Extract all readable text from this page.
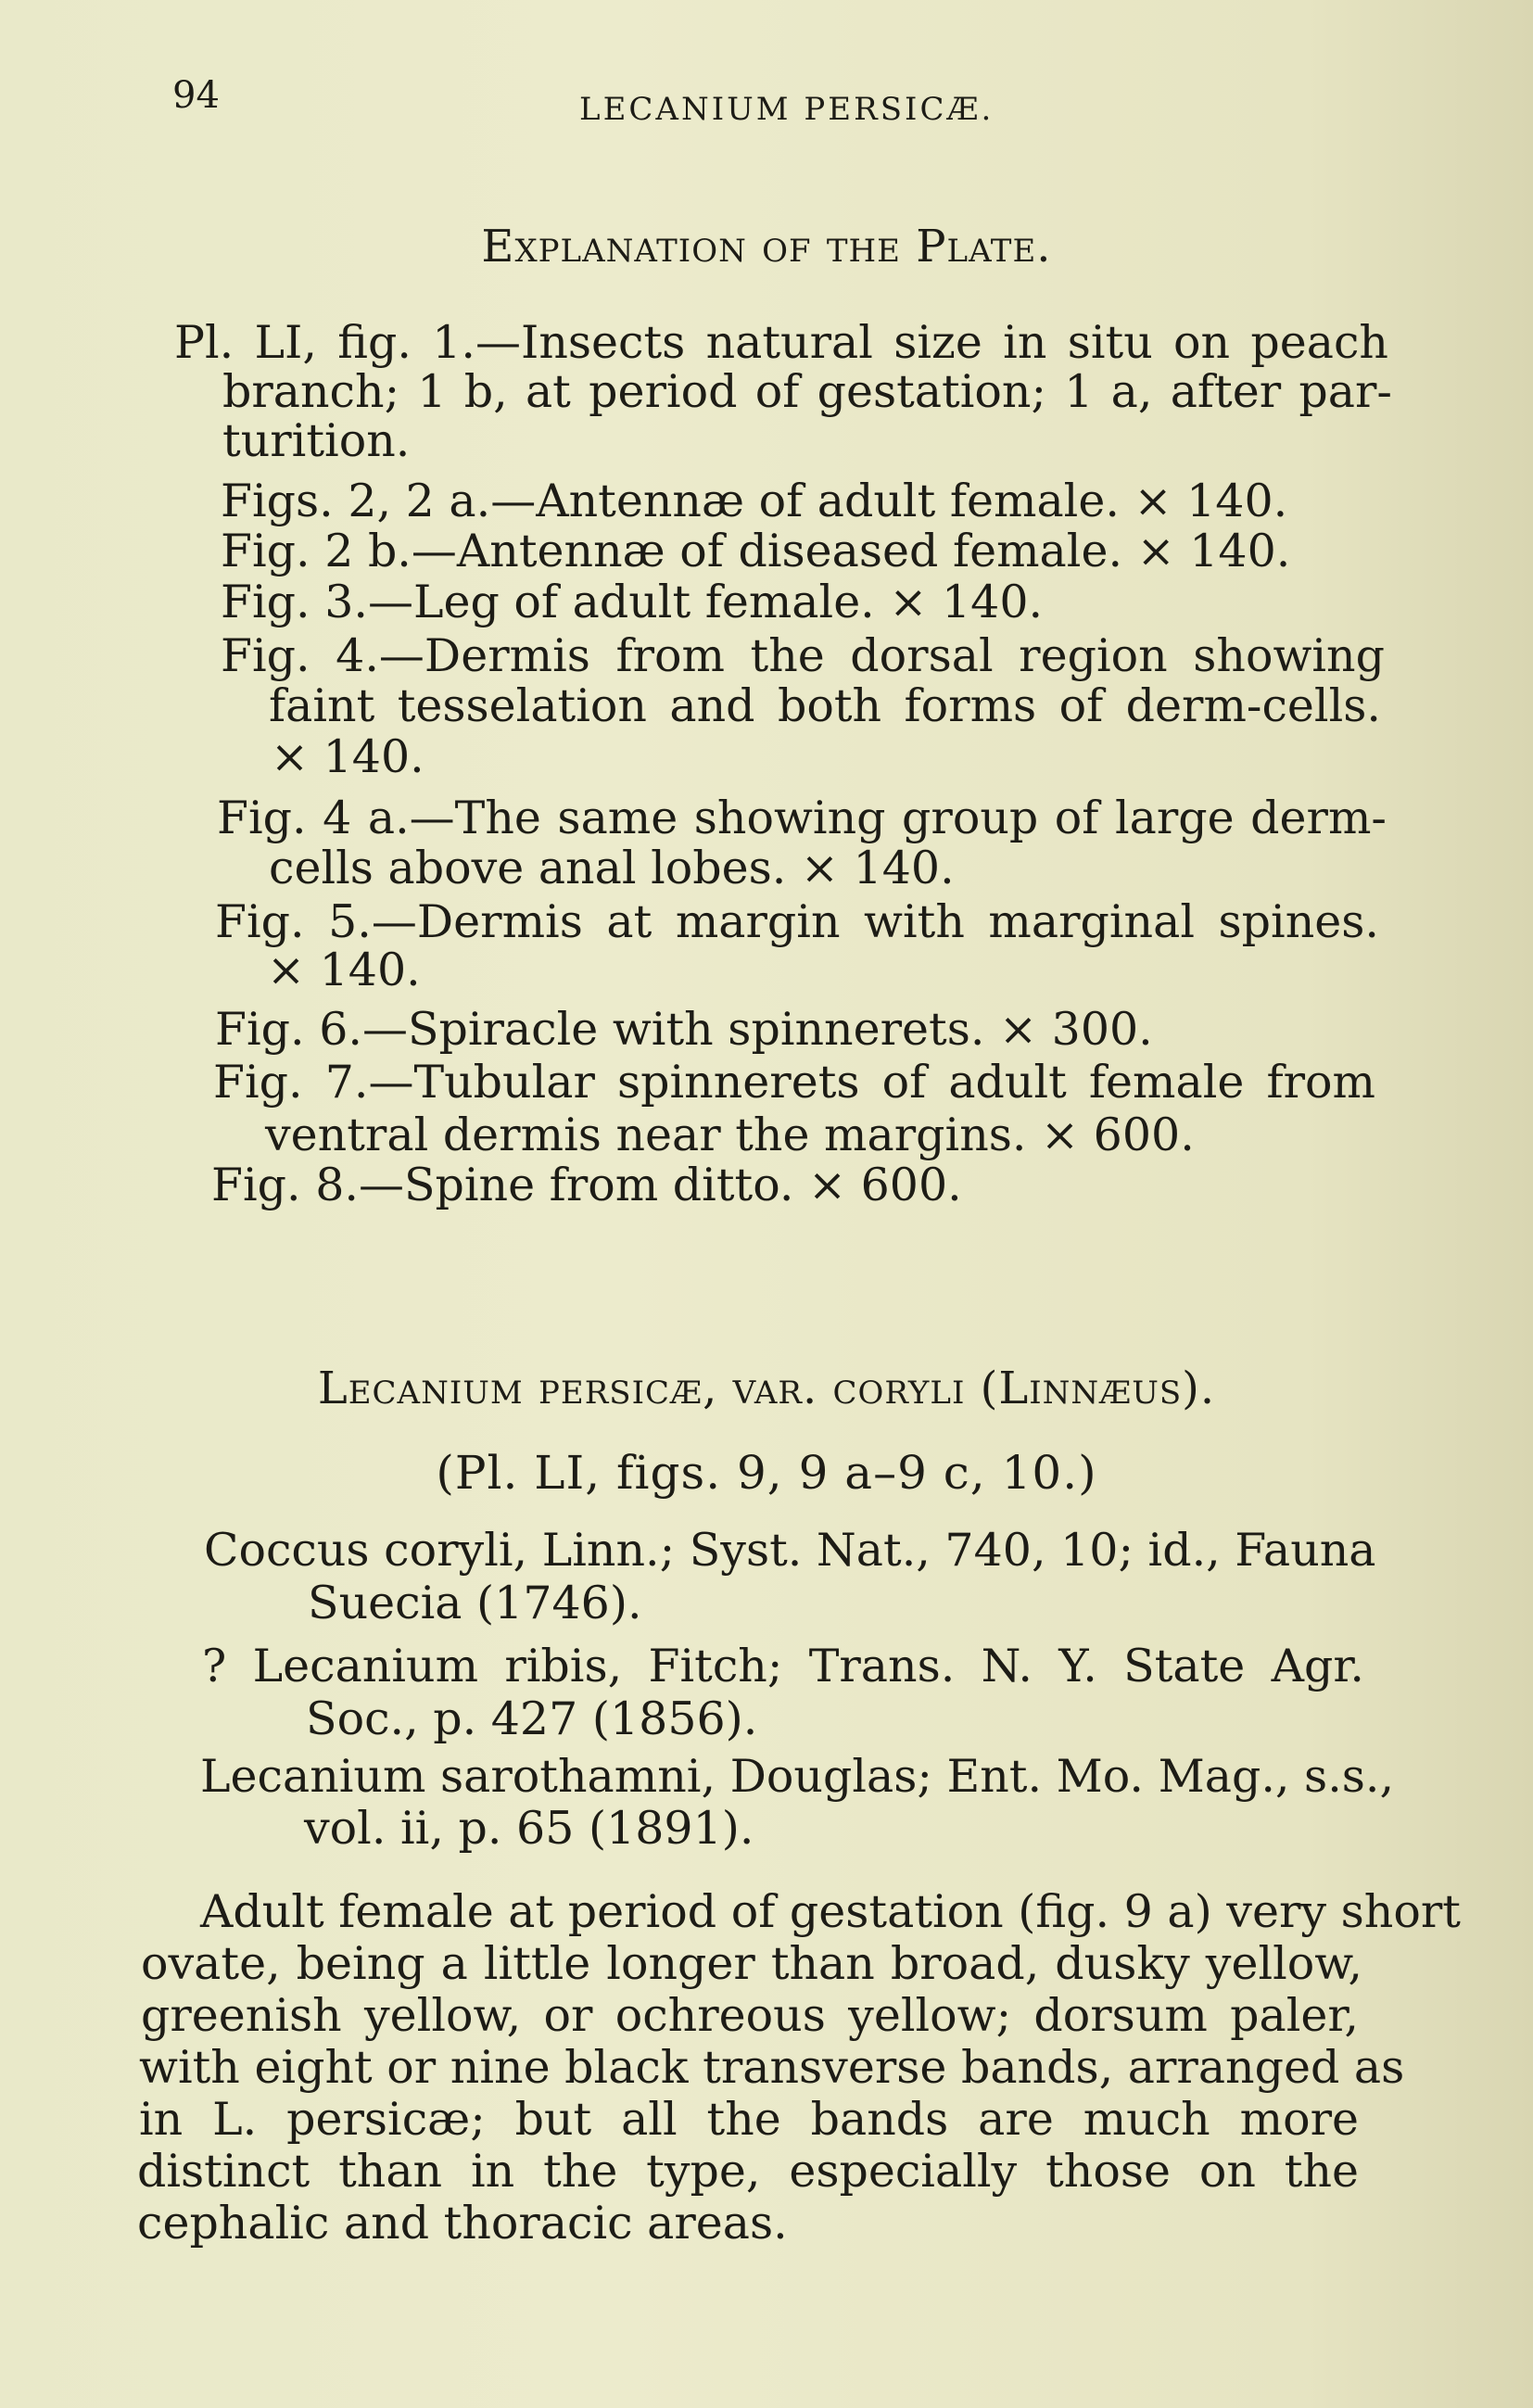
94	LECANIUM PERSICÆ.
Explanation of the Plate.
Pl. LI, fig. 1.—Insects natural size in situ on peach
branch; 1 b, at period of gestation; 1 a, after par-
turition.
Figs. 2, 2 a.—Antennæ of adult female. × 140.
Fig. 2 b.—Antennæ of diseased female. × 140.
Fig. 3.—Leg of adult female. × 140.
Fig. 4.—Dermis from the dorsal region showing
faint tesselation and both forms of derm-cells.
× 140.
Fig. 4 a.—The same showing group of large derm-
cells above anal lobes. × 140.
Fig. 5.—Dermis at margin with marginal spines.
× 140.
Fig. 6.—Spiracle with spinnerets. × 300.
Fig. 7.—Tubular spinnerets of adult female from
ventral dermis near the margins. × 600.
Fig. 8.—Spine from ditto. × 600.
Lecanium persicæ, var. coryli (Linnæus).
(Pl. LI, figs. 9, 9 a–9 c, 10.)
Coccus coryli, Linn.; Syst. Nat., 740, 10; id., Fauna
Suecia (1746).
? Lecanium ribis, Fitch; Trans. N. Y. State Agr.
Soc., p. 427 (1856).
Lecanium sarothamni, Douglas; Ent. Mo. Mag., s.s.,
vol. ii, p. 65 (1891).
Adult female at period of gestation (fig. 9 a) very short
ovate, being a little longer than broad, dusky yellow,
greenish yellow, or ochreous yellow; dorsum paler,
with eight or nine black transverse bands, arranged as
in L. persicæ; but all the bands are much more
distinct than in the type, especially those on the
cephalic and thoracic areas.
